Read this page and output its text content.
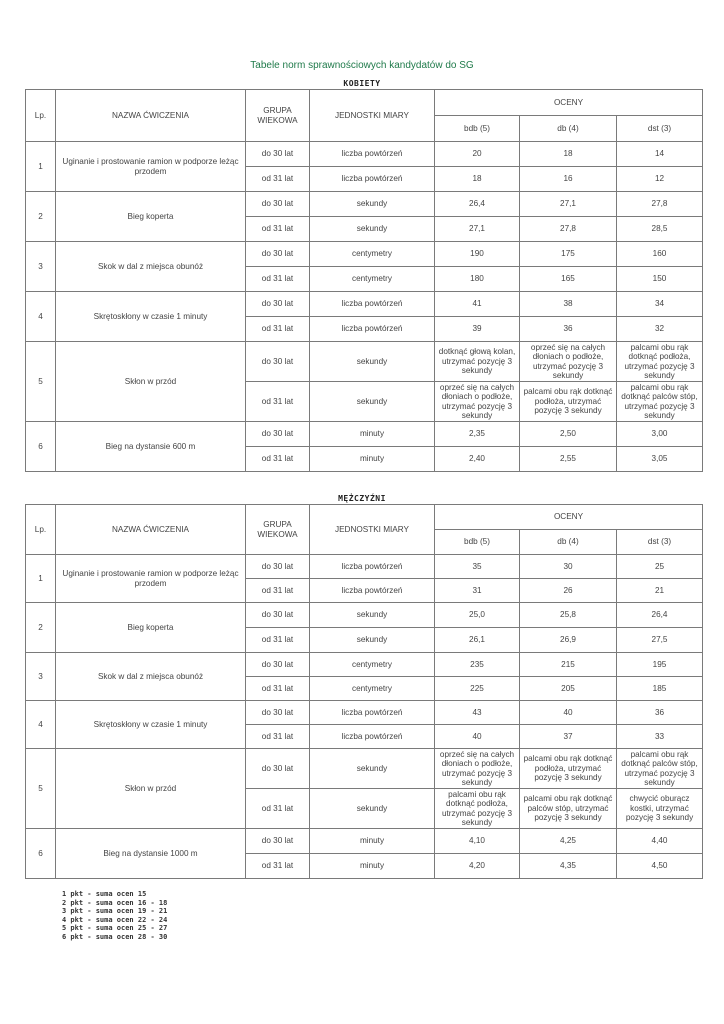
Tabele norm sprawnościowych kandydatów do SG
KOBIETY
Lp.	NAZWA ĆWICZENIA	GRUPA WIEKOWA	JEDNOSTKI MIARY	OCENY		
				bdb (5)	db (4)	dst (3)
1	Uginanie i prostowanie ramion w podporze leżąc przodem	do 30 lat	liczba powtórzeń	20	18	14
		od 31 lat	liczba powtórzeń	18	16	12
2	Bieg koperta	do 30 lat	sekundy	26,4	27,1	27,8
		od 31 lat	sekundy	27,1	27,8	28,5
3	Skok w dal z miejsca obunóż	do 30 lat	centymetry	190	175	160
		od 31 lat	centymetry	180	165	150
4	Skrętoskłony w czasie 1 minuty	do 30 lat	liczba powtórzeń	41	38	34
		od 31 lat	liczba powtórzeń	39	36	32
5	Skłon w przód	do 30 lat	sekundy	dotknąć głową kolan, utrzymać pozycję 3 sekundy	oprzeć się na całych dłoniach o podłoże, utrzymać pozycję 3 sekundy	palcami obu rąk dotknąć podłoża, utrzymać pozycję 3 sekundy
		od 31 lat	sekundy	oprzeć się na całych dłoniach o podłoże, utrzymać pozycję 3 sekundy	palcami obu rąk dotknąć podłoża, utrzymać pozycję 3 sekundy	palcami obu rąk dotknąć palców stóp, utrzymać pozycję 3 sekundy
6	Bieg na dystansie 600 m	do 30 lat	minuty	2,35	2,50	3,00
		od 31 lat	minuty	2,40	2,55	3,05
MĘŻCZYŹNI
Lp.	NAZWA ĆWICZENIA	GRUPA WIEKOWA	JEDNOSTKI MIARY	OCENY		
				bdb (5)	db (4)	dst (3)
1	Uginanie i prostowanie ramion w podporze leżąc przodem	do 30 lat	liczba powtórzeń	35	30	25
		od 31 lat	liczba powtórzeń	31	26	21
2	Bieg koperta	do 30 lat	sekundy	25,0	25,8	26,4
		od 31 lat	sekundy	26,1	26,9	27,5
3	Skok w dal z miejsca obunóż	do 30 lat	centymetry	235	215	195
		od 31 lat	centymetry	225	205	185
4	Skrętoskłony w czasie 1 minuty	do 30 lat	liczba powtórzeń	43	40	36
		od 31 lat	liczba powtórzeń	40	37	33
5	Skłon w przód	do 30 lat	sekundy	oprzeć się na całych dłoniach o podłoże, utrzymać pozycję 3 sekundy	palcami obu rąk dotknąć podłoża, utrzymać pozycję 3 sekundy	palcami obu rąk dotknąć palców stóp, utrzymać pozycję 3 sekundy
		od 31 lat	sekundy	palcami obu rąk dotknąć podłoża, utrzymać pozycję 3 sekundy	palcami obu rąk dotknąć palców stóp, utrzymać pozycję 3 sekundy	chwycić oburącz kostki, utrzymać pozycję 3 sekundy
6	Bieg na dystansie 1000 m	do 30 lat	minuty	4,10	4,25	4,40
		od 31 lat	minuty	4,20	4,35	4,50
1 pkt - suma ocen 15
2 pkt - suma ocen 16 - 18
3 pkt - suma ocen 19 - 21
4 pkt - suma ocen 22 - 24
5 pkt - suma ocen 25 - 27
6 pkt - suma ocen 28 - 30
